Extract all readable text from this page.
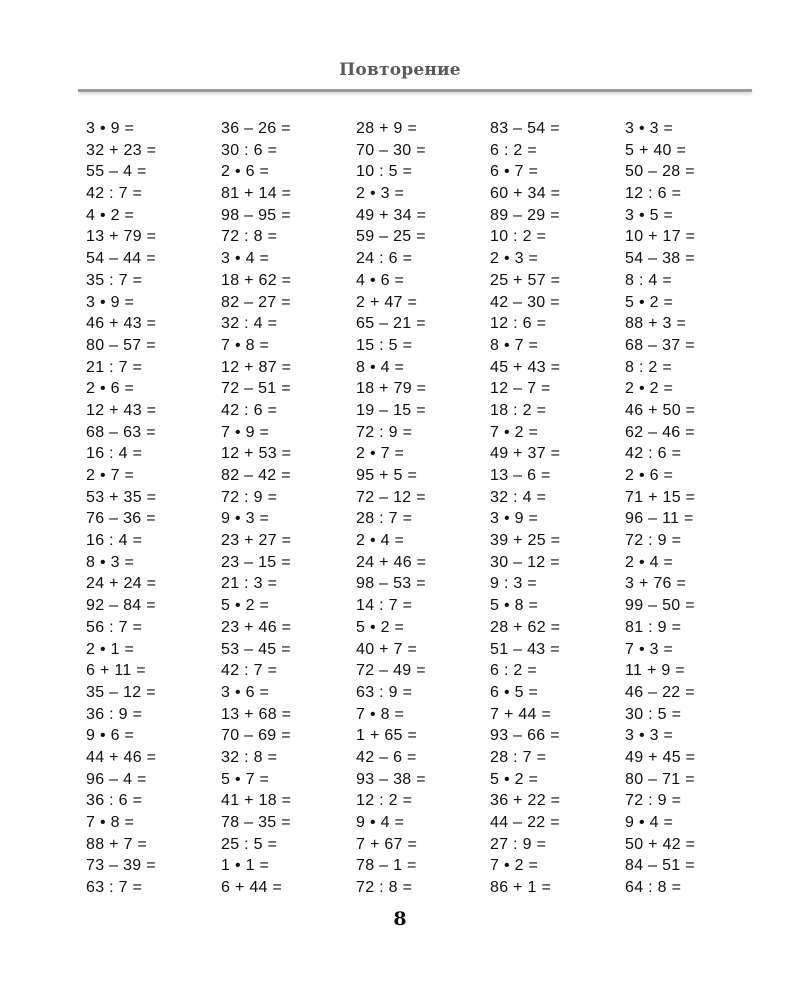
Повторение
3 • 9 =
32 + 23 =
55 – 4 =
42 : 7 =
4 • 2 =
13 + 79 =
54 – 44 =
35 : 7 =
3 • 9 =
46 + 43 =
80 – 57 =
21 : 7 =
2 • 6 =
12 + 43 =
68 – 63 =
16 : 4 =
2 • 7 =
53 + 35 =
76 – 36 =
16 : 4 =
8 • 3 =
24 + 24 =
92 – 84 =
56 : 7 =
2 • 1 =
6 + 11 =
35 – 12 =
36 : 9 =
9 • 6 =
44 + 46 =
96 – 4 =
36 : 6 =
7 • 8 =
88 + 7 =
73 – 39 =
63 : 7 =
36 – 26 =
30 : 6 =
2 • 6 =
81 + 14 =
98 – 95 =
72 : 8 =
3 • 4 =
18 + 62 =
82 – 27 =
32 : 4 =
7 • 8 =
12 + 87 =
72 – 51 =
42 : 6 =
7 • 9 =
12 + 53 =
82 – 42 =
72 : 9 =
9 • 3 =
23 + 27 =
23 – 15 =
21 : 3 =
5 • 2 =
23 + 46 =
53 – 45 =
42 : 7 =
3 • 6 =
13 + 68 =
70 – 69 =
32 : 8 =
5 • 7 =
41 + 18 =
78 – 35 =
25 : 5 =
1 • 1 =
6 + 44 =
28 + 9 =
70 – 30 =
10 : 5 =
2 • 3 =
49 + 34 =
59 – 25 =
24 : 6 =
4 • 6 =
2 + 47 =
65 – 21 =
15 : 5 =
8 • 4 =
18 + 79 =
19 – 15 =
72 : 9 =
2 • 7 =
95 + 5 =
72 – 12 =
28 : 7 =
2 • 4 =
24 + 46 =
98 – 53 =
14 : 7 =
5 • 2 =
40 + 7 =
72 – 49 =
63 : 9 =
7 • 8 =
1 + 65 =
42 – 6 =
93 – 38 =
12 : 2 =
9 • 4 =
7 + 67 =
78 – 1 =
72 : 8 =
83 – 54 =
6 : 2 =
6 • 7 =
60 + 34 =
89 – 29 =
10 : 2 =
2 • 3 =
25 + 57 =
42 – 30 =
12 : 6 =
8 • 7 =
45 + 43 =
12 – 7 =
18 : 2 =
7 • 2 =
49 + 37 =
13 – 6 =
32 : 4 =
3 • 9 =
39 + 25 =
30 – 12 =
9 : 3 =
5 • 8 =
28 + 62 =
51 – 43 =
6 : 2 =
6 • 5 =
7 + 44 =
93 – 66 =
28 : 7 =
5 • 2 =
36 + 22 =
44 – 22 =
27 : 9 =
7 • 2 =
86 + 1 =
3 • 3 =
5 + 40 =
50 – 28 =
12 : 6 =
3 • 5 =
10 + 17 =
54 – 38 =
8 : 4 =
5 • 2 =
88 + 3 =
68 – 37 =
8 : 2 =
2 • 2 =
46 + 50 =
62 – 46 =
42 : 6 =
2 • 6 =
71 + 15 =
96 – 11 =
72 : 9 =
2 • 4 =
3 + 76 =
99 – 50 =
81 : 9 =
7 • 3 =
11 + 9 =
46 – 22 =
30 : 5 =
3 • 3 =
49 + 45 =
80 – 71 =
72 : 9 =
9 • 4 =
50 + 42 =
84 – 51 =
64 : 8 =
8
